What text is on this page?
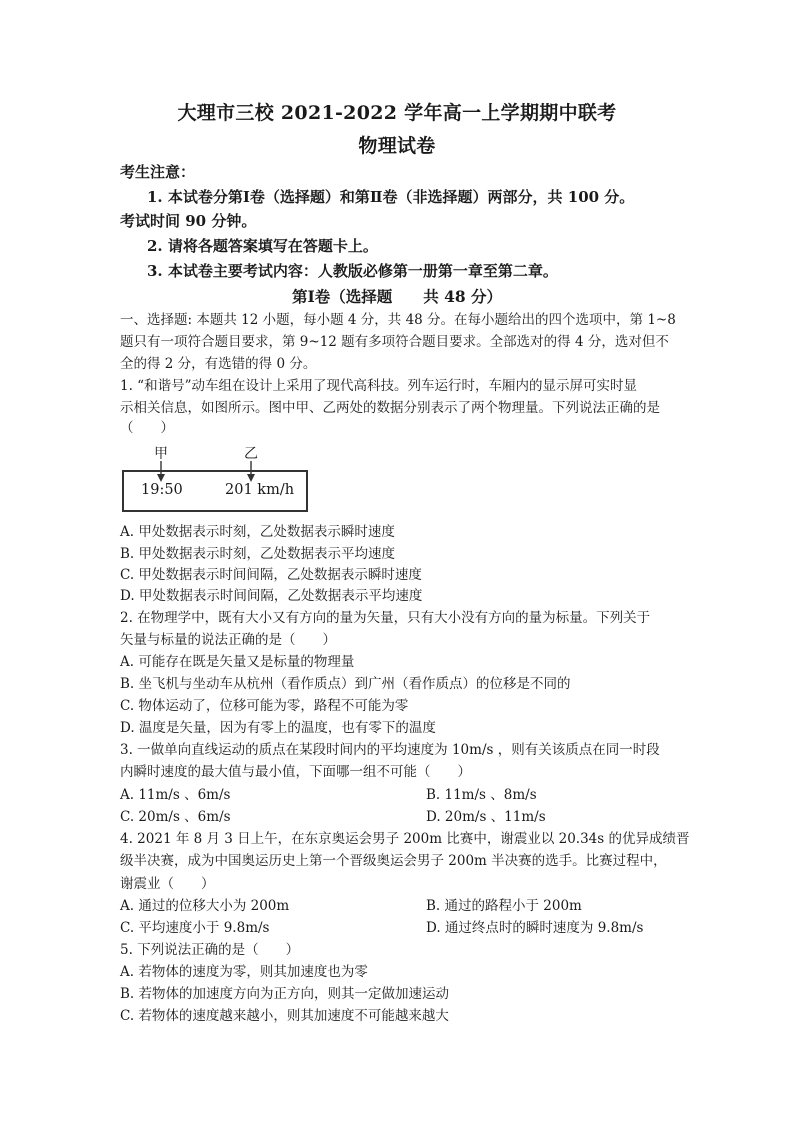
大理市三校 2021-2022 学年高一上学期期中联考
物理试卷
考生注意：
1. 本试卷分第Ⅰ卷（选择题）和第Ⅱ卷（非选择题）两部分，共 100 分。
考试时间 90 分钟。
2. 请将各题答案填写在答题卡上。
3. 本试卷主要考试内容：人教版必修第一册第一章至第二章。
第Ⅰ卷（选择题　　共 48 分）
一、选择题: 本题共 12 小题，每小题 4 分，共 48 分。在每小题给出的四个选项中，第 1~8
题只有一项符合题目要求，第 9~12 题有多项符合题目要求。全部选对的得 4 分，选对但不
全的得 2 分，有选错的得 0 分。
1. “和谐号”动车组在设计上采用了现代高科技。列车运行时，车厢内的显示屏可实时显
示相关信息，如图所示。图中甲、乙两处的数据分别表示了两个物理量。下列说法正确的是
（　　）
甲	乙
19:50	201 km/h
A. 甲处数据表示时刻，乙处数据表示瞬时速度
B. 甲处数据表示时刻，乙处数据表示平均速度
C. 甲处数据表示时间间隔，乙处数据表示瞬时速度
D. 甲处数据表示时间间隔，乙处数据表示平均速度
2. 在物理学中，既有大小又有方向的量为矢量，只有大小没有方向的量为标量。下列关于
矢量与标量的说法正确的是（　　）
A. 可能存在既是矢量又是标量的物理量
B. 坐飞机与坐动车从杭州（看作质点）到广州（看作质点）的位移是不同的
C. 物体运动了，位移可能为零，路程不可能为零
D. 温度是矢量，因为有零上的温度，也有零下的温度
3. 一做单向直线运动的质点在某段时间内的平均速度为 10m/s ，则有关该质点在同一时段
内瞬时速度的最大值与最小值，下面哪一组不可能（　　）
A. 11m/s 、6m/s	B. 11m/s 、8m/s
C. 20m/s 、6m/s	D. 20m/s 、11m/s
4. 2021 年 8 月 3 日上午，在东京奥运会男子 200m 比赛中，谢震业以 20.34s 的优异成绩晋
级半决赛，成为中国奥运历史上第一个晋级奥运会男子 200m 半决赛的选手。比赛过程中，
谢震业（　　）
A. 通过的位移大小为 200m	B. 通过的路程小于 200m
C. 平均速度小于 9.8m/s	D. 通过终点时的瞬时速度为 9.8m/s
5. 下列说法正确的是（　　）
A. 若物体的速度为零，则其加速度也为零
B. 若物体的加速度方向为正方向，则其一定做加速运动
C. 若物体的速度越来越小，则其加速度不可能越来越大
